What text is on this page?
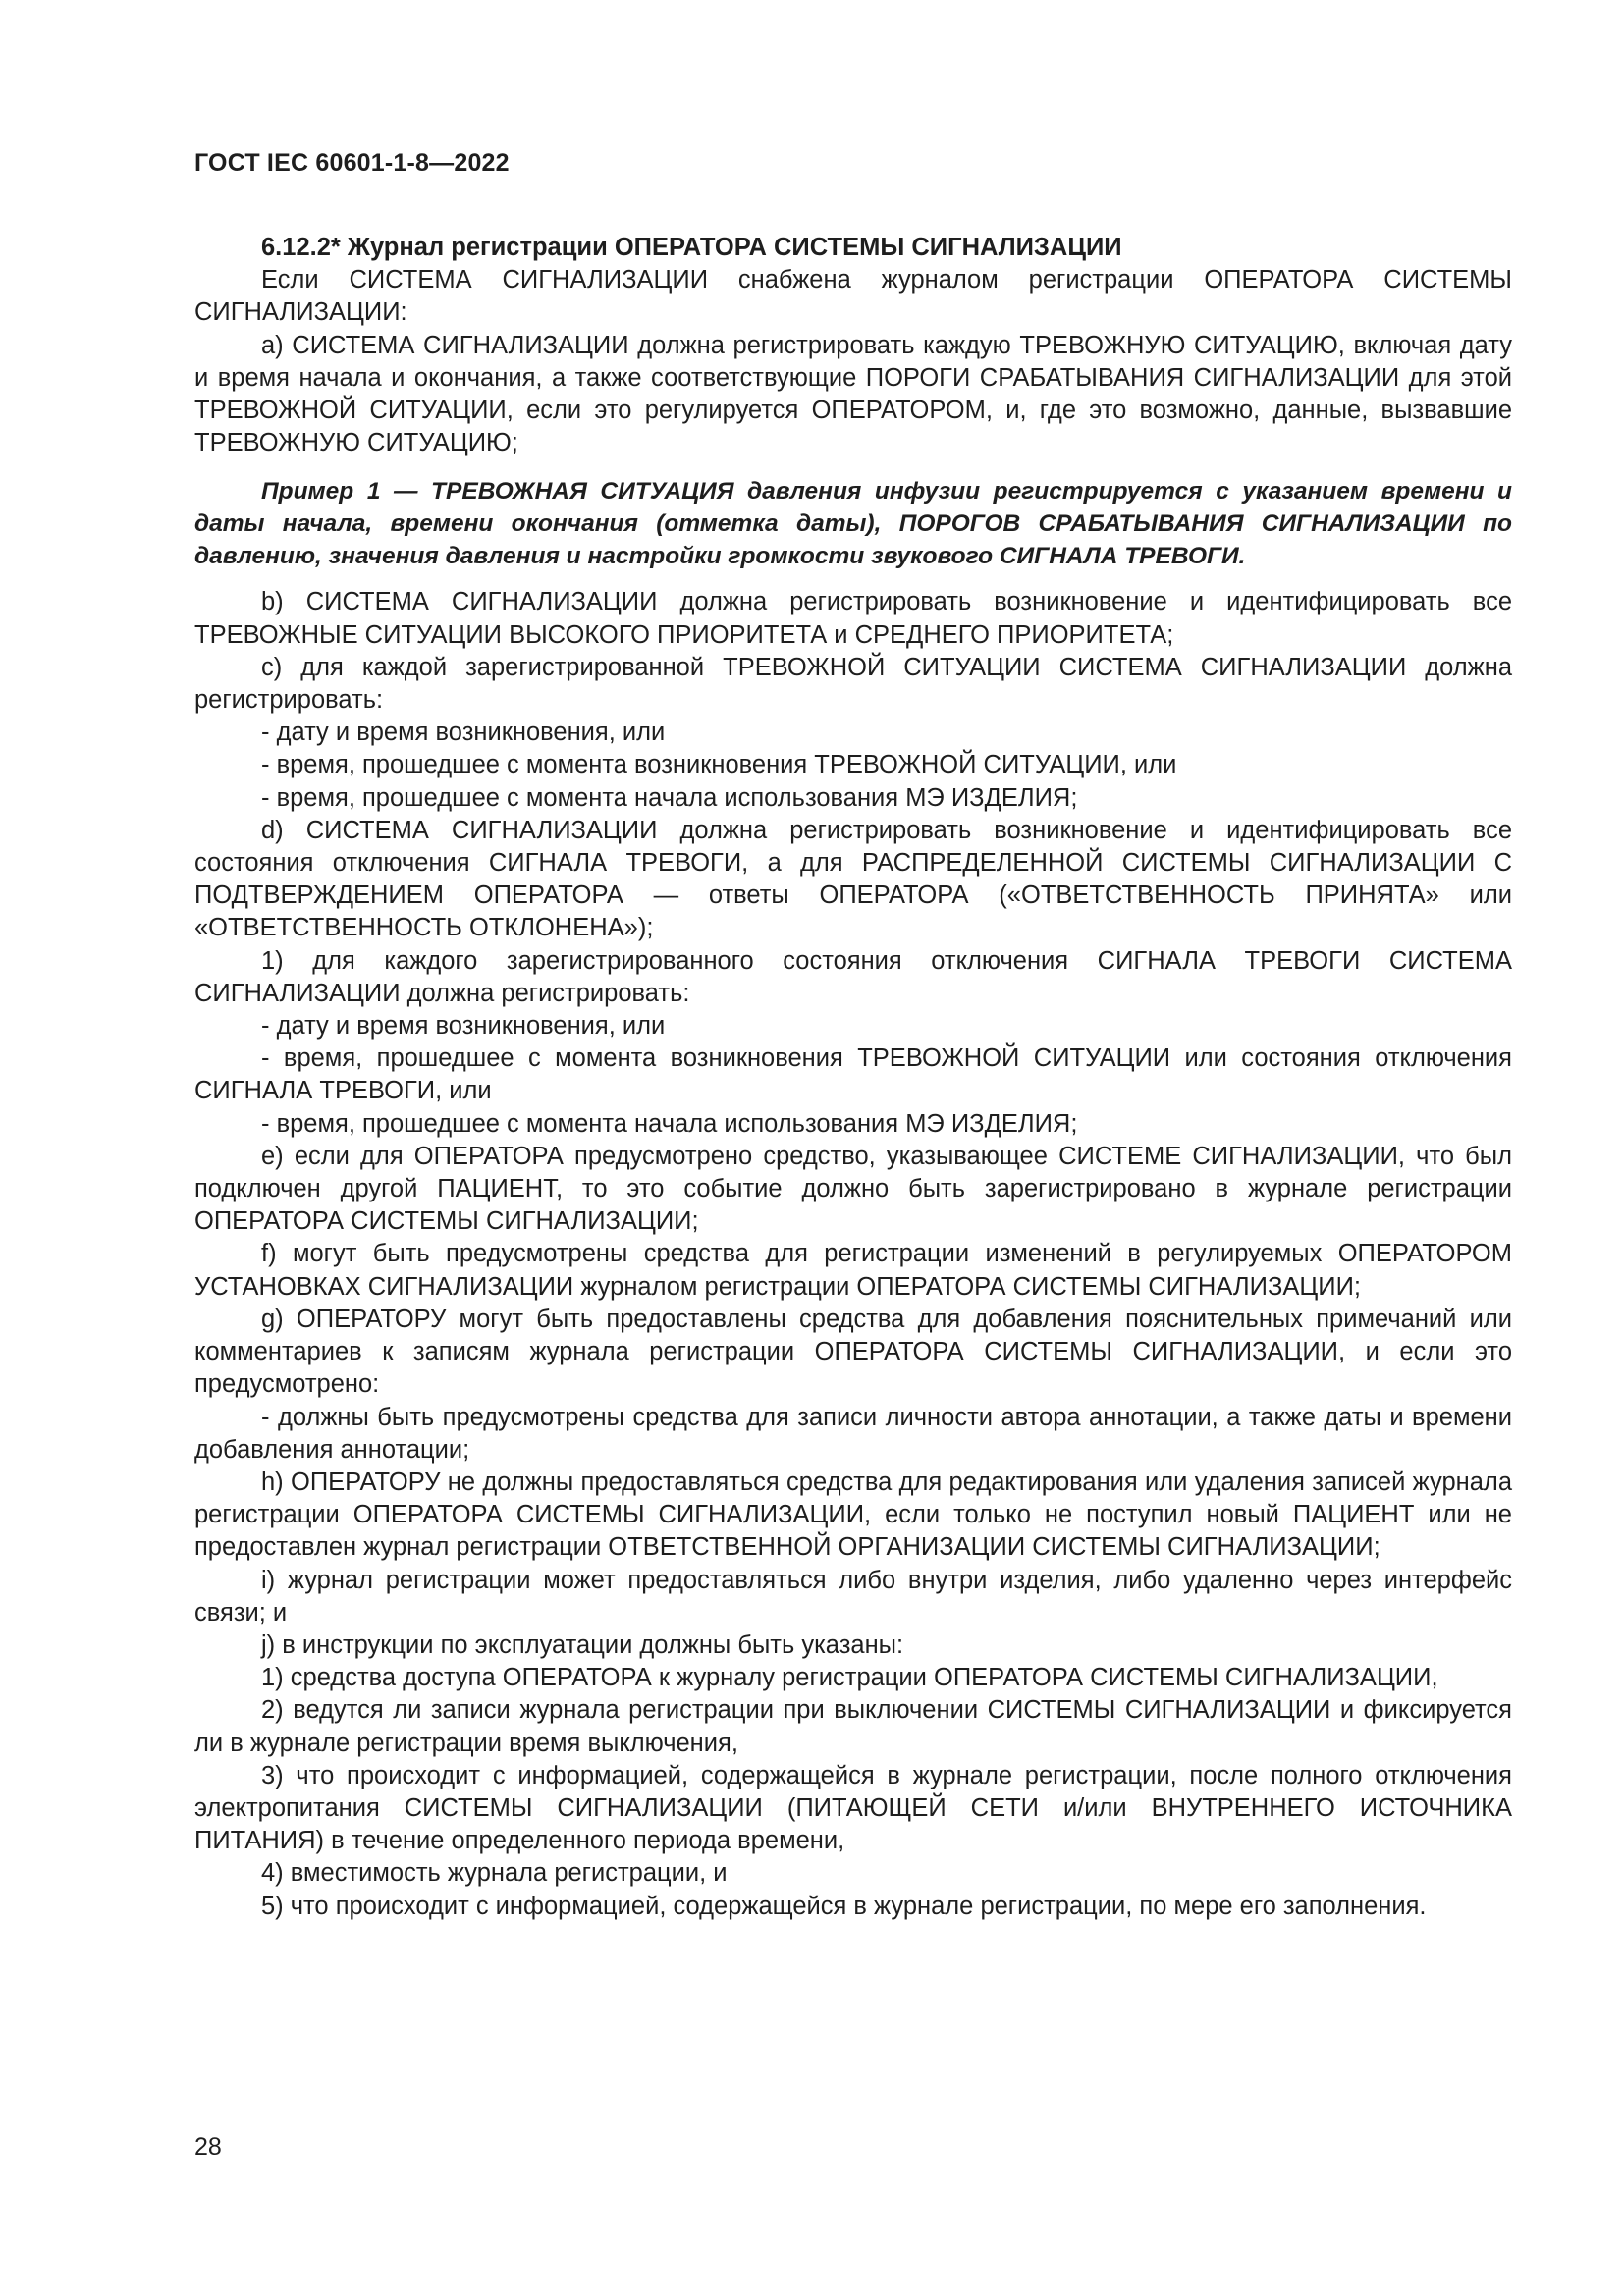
ГОСТ IEC 60601-1-8—2022
6.12.2* Журнал регистрации ОПЕРАТОРА СИСТЕМЫ СИГНАЛИЗАЦИИ

Если СИСТЕМА СИГНАЛИЗАЦИИ снабжена журналом регистрации ОПЕРАТОРА СИСТЕМЫ СИГНАЛИЗАЦИИ:

a) СИСТЕМА СИГНАЛИЗАЦИИ должна регистрировать каждую ТРЕВОЖНУЮ СИТУАЦИЮ, включая дату и время начала и окончания, а также соответствующие ПОРОГИ СРАБАТЫВАНИЯ СИГНАЛИЗАЦИИ для этой ТРЕВОЖНОЙ СИТУАЦИИ, если это регулируется ОПЕРАТОРОМ, и, где это возможно, данные, вызвавшие ТРЕВОЖНУЮ СИТУАЦИЮ;

Пример 1 — ТРЕВОЖНАЯ СИТУАЦИЯ давления инфузии регистрируется с указанием времени и даты начала, времени окончания (отметка даты), ПОРОГОВ СРАБАТЫВАНИЯ СИГНАЛИЗАЦИИ по давлению, значения давления и настройки громкости звукового СИГНАЛА ТРЕВОГИ.

b) СИСТЕМА СИГНАЛИЗАЦИИ должна регистрировать возникновение и идентифицировать все ТРЕВОЖНЫЕ СИТУАЦИИ ВЫСОКОГО ПРИОРИТЕТА и СРЕДНЕГО ПРИОРИТЕТА;

c) для каждой зарегистрированной ТРЕВОЖНОЙ СИТУАЦИИ СИСТЕМА СИГНАЛИЗАЦИИ должна регистрировать:

- дату и время возникновения, или

- время, прошедшее с момента возникновения ТРЕВОЖНОЙ СИТУАЦИИ, или

- время, прошедшее с момента начала использования МЭ ИЗДЕЛИЯ;

d) СИСТЕМА СИГНАЛИЗАЦИИ должна регистрировать возникновение и идентифицировать все состояния отключения СИГНАЛА ТРЕВОГИ, а для РАСПРЕДЕЛЕННОЙ СИСТЕМЫ СИГНАЛИЗАЦИИ С ПОДТВЕРЖДЕНИЕМ ОПЕРАТОРА — ответы ОПЕРАТОРА («ОТВЕТСТВЕННОСТЬ ПРИНЯТА» или «ОТВЕТСТВЕННОСТЬ ОТКЛОНЕНА»);

1) для каждого зарегистрированного состояния отключения СИГНАЛА ТРЕВОГИ СИСТЕМА СИГНАЛИЗАЦИИ должна регистрировать:

- дату и время возникновения, или

- время, прошедшее с момента возникновения ТРЕВОЖНОЙ СИТУАЦИИ или состояния отключения СИГНАЛА ТРЕВОГИ, или

- время, прошедшее с момента начала использования МЭ ИЗДЕЛИЯ;

e) если для ОПЕРАТОРА предусмотрено средство, указывающее СИСТЕМЕ СИГНАЛИЗАЦИИ, что был подключен другой ПАЦИЕНТ, то это событие должно быть зарегистрировано в журнале регистрации ОПЕРАТОРА СИСТЕМЫ СИГНАЛИЗАЦИИ;

f) могут быть предусмотрены средства для регистрации изменений в регулируемых ОПЕРАТОРОМ УСТАНОВКАХ СИГНАЛИЗАЦИИ журналом регистрации ОПЕРАТОРА СИСТЕМЫ СИГНАЛИЗАЦИИ;

g) ОПЕРАТОРУ могут быть предоставлены средства для добавления пояснительных примечаний или комментариев к записям журнала регистрации ОПЕРАТОРА СИСТЕМЫ СИГНАЛИЗАЦИИ, и если это предусмотрено:

- должны быть предусмотрены средства для записи личности автора аннотации, а также даты и времени добавления аннотации;

h) ОПЕРАТОРУ не должны предоставляться средства для редактирования или удаления записей журнала регистрации ОПЕРАТОРА СИСТЕМЫ СИГНАЛИЗАЦИИ, если только не поступил новый ПАЦИЕНТ или не предоставлен журнал регистрации ОТВЕТСТВЕННОЙ ОРГАНИЗАЦИИ СИСТЕМЫ СИГНАЛИЗАЦИИ;

i) журнал регистрации может предоставляться либо внутри изделия, либо удаленно через интерфейс связи; и

j) в инструкции по эксплуатации должны быть указаны:

1) средства доступа ОПЕРАТОРА к журналу регистрации ОПЕРАТОРА СИСТЕМЫ СИГНАЛИЗАЦИИ,

2) ведутся ли записи журнала регистрации при выключении СИСТЕМЫ СИГНАЛИЗАЦИИ и фиксируется ли в журнале регистрации время выключения,

3) что происходит с информацией, содержащейся в журнале регистрации, после полного отключения электропитания СИСТЕМЫ СИГНАЛИЗАЦИИ (ПИТАЮЩЕЙ СЕТИ и/или ВНУТРЕННЕГО ИСТОЧНИКА ПИТАНИЯ) в течение определенного периода времени,

4) вместимость журнала регистрации, и

5) что происходит с информацией, содержащейся в журнале регистрации, по мере его заполнения.

28
